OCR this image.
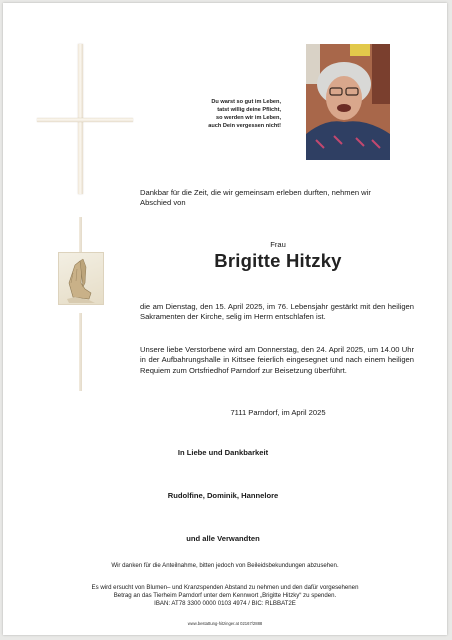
Du warst so gut im Leben,
tatst willig deine Pflicht,
so werden wir im Leben,
auch Dein vergessen nicht!
Dankbar für die Zeit, die wir gemeinsam erleben durften, nehmen wir Abschied von
Frau
Brigitte Hitzky
die am Dienstag, den 15. April 2025, im 76. Lebensjahr gestärkt mit den heiligen Sakramenten der Kirche, selig im Herrn entschlafen ist.
Unsere liebe Verstorbene wird am Donnerstag, den 24. April 2025, um 14.00 Uhr in der Aufbahrungshalle in Kittsee feierlich eingesegnet und nach einem heiligen Requiem zum Ortsfriedhof Parndorf zur Beisetzung überführt.
7111 Parndorf, im April 2025
In Liebe und Dankbarkeit
Rudolfine, Dominik, Hannelore
und alle Verwandten
Wir danken für die Anteilnahme, bitten jedoch von Beileidsbekundungen abzusehen.
Es wird ersucht von Blumen– und Kranzspenden Abstand zu nehmen und den dafür vorgesehenen
Betrag an das Tierheim Parndorf unter dem Kennwort „Brigitte Hitzky“ zu spenden.
IBAN: AT78 3300 0000 0103 4974 / BIC: RLBBAT2E
www.bestattung-hitzinger.at 02167/2888
